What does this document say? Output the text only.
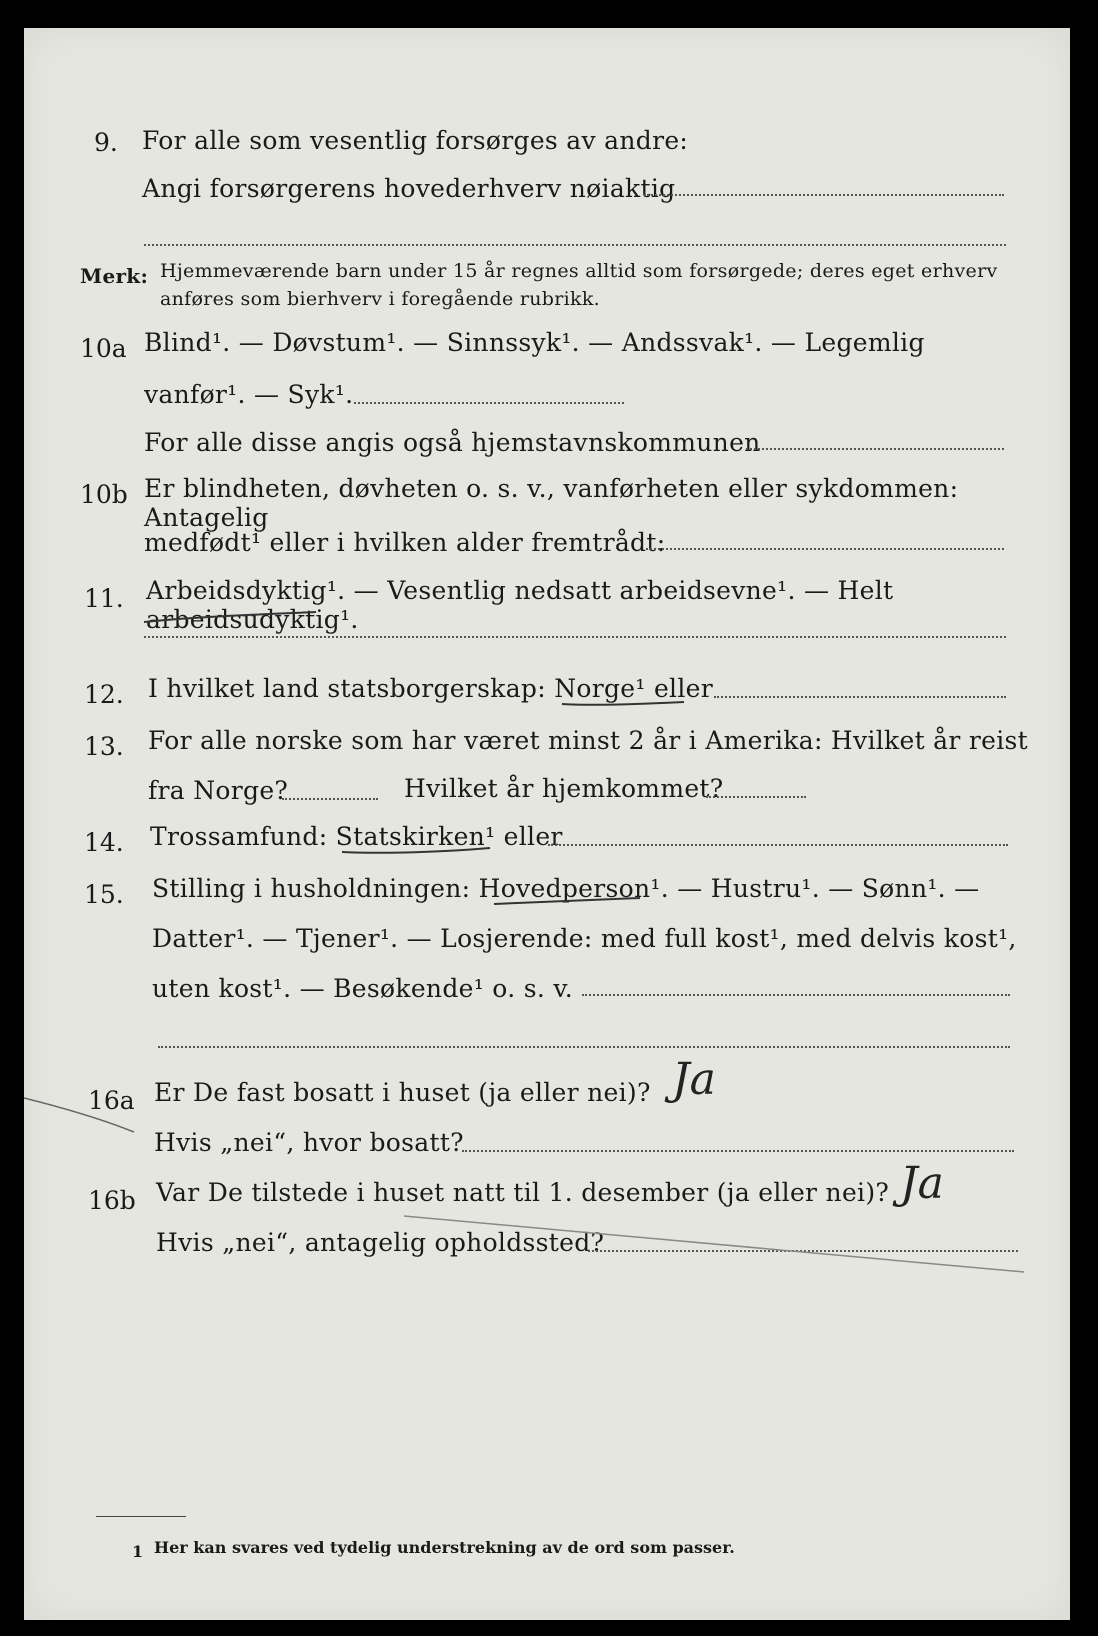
9. For alle som vesentlig forsørges av andre:
Angi forsørgerens hovederhverv nøiaktig
Merk: Hjemmeværende barn under 15 år regnes alltid som forsørgede; deres eget erhverv
anføres som bierhverv i foregående rubrikk.
10a Blind¹. — Døvstum¹. — Sinnssyk¹. — Andssvak¹. — Legemlig
vanfør¹. — Syk¹.
For alle disse angis også hjemstavnskommunen
10b Er blindheten, døvheten o. s. v., vanførheten eller sykdommen: Antagelig
medfødt¹ eller i hvilken alder fremtrådt:
11. Arbeidsdyktig¹. — Vesentlig nedsatt arbeidsevne¹. — Helt arbeidsudyktig¹.
12. I hvilket land statsborgerskap: Norge¹ eller
13. For alle norske som har været minst 2 år i Amerika: Hvilket år reist
fra Norge?	Hvilket år hjemkommet?
14. Trossamfund: Statskirken¹ eller
15. Stilling i husholdningen: Hovedperson¹. — Hustru¹. — Sønn¹. —
Datter¹. — Tjener¹. — Losjerende: med full kost¹, med delvis kost¹,
uten kost¹. — Besøkende¹ o. s. v.
16a Er De fast bosatt i huset (ja eller nei)? Ja
Hvis „nei“, hvor bosatt?
16b Var De tilstede i huset natt til 1. desember (ja eller nei)? Ja
Hvis „nei“, antagelig opholdssted?
1 Her kan svares ved tydelig understrekning av de ord som passer.
